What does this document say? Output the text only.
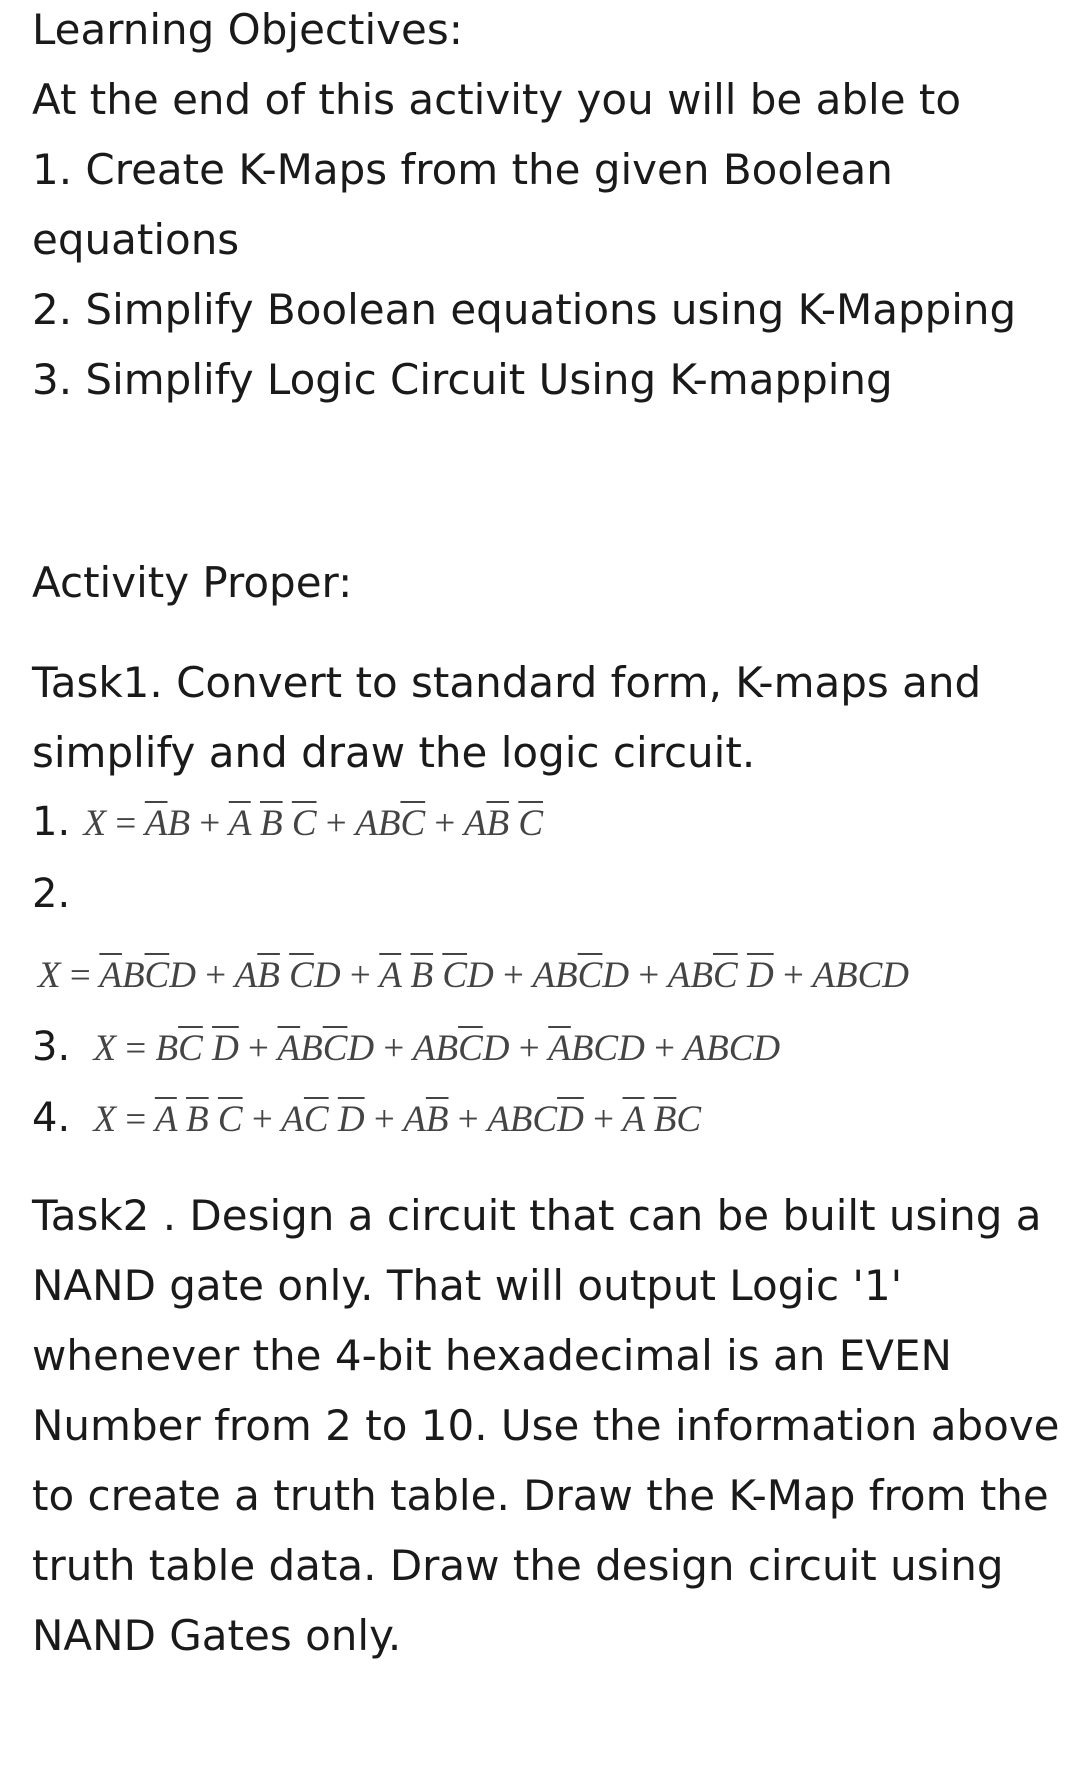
Learning Objectives:
At the end of this activity you will be able to
1. Create K-Maps from the given Boolean
equations
2. Simplify Boolean equations using K-Mapping
3. Simplify Logic Circuit Using K-mapping
Activity Proper:
Task1. Convert to standard form, K-maps and
simplify and draw the logic circuit.
1. $X = \overline{A}B + \overline{A}$ $\overline{B}$ $\overline{C} + AB\overline{C} + A\overline{B}$ $\overline{C}$
2.
$X = \overline{A}B\overline{C}D + A\overline{B}$ $\overline{C}D + \overline{A}$ $\overline{B}$ $\overline{C}D + AB\overline{C}D + AB\overline{C}$ $\overline{D}$ + ABCD
3. $X = B\overline{C}$ $\overline{D} + \overline{A}B\overline{C}D + AB\overline{C}D + \overline{A}BCD$ + ABCD
4. $X = \overline{A}$ $\overline{B}$ $\overline{C} + A\overline{C}$ $\overline{D} + A\overline{B} + ABC\overline{D} + \overline{A}$ $\overline{B}C$
Task2 . Design a circuit that can be built using a
NAND gate only. That will output Logic '1'
whenever the 4-bit hexadecimal is an EVEN
Number from 2 to 10. Use the information above
to create a truth table. Draw the K-Map from the
truth table data. Draw the design circuit using
NAND Gates only.
